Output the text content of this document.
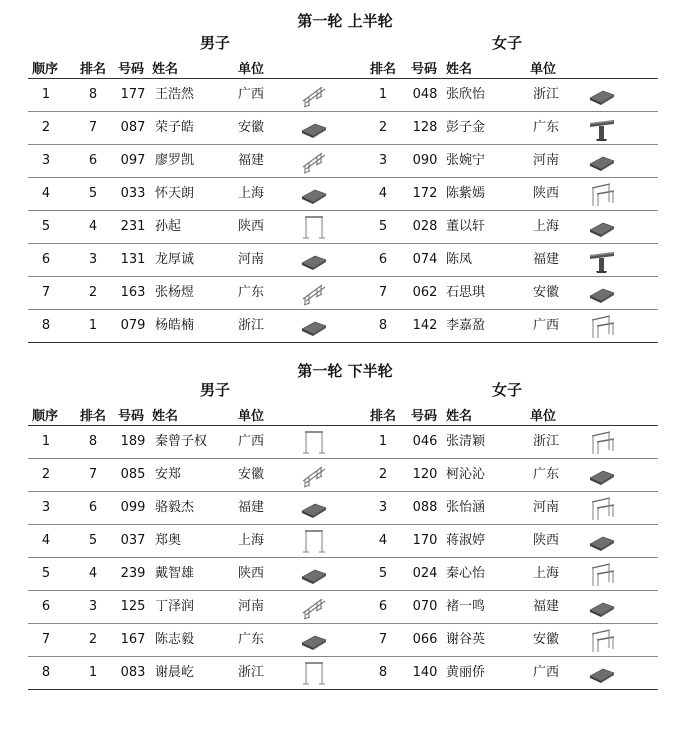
第一轮 上半轮
男子	女子
顺序 排名 号码 姓名	单位	排名 号码 姓名	单位
1	8	177 王浩然	广西	1	048 张欣怡	浙江
2	7	087 荣子皓	安徽	2	128 彭子金	广东
3	6	097 廖罗凯	福建	3	090 张婉宁	河南
4	5	033 怀天朗	上海	4	172 陈紫嫣	陕西
5	4	231 孙起	陕西	5	028 董以轩	上海
6	3	131 龙厚诚	河南	6	074 陈凤	福建
7	2	163 张杨煜	广东	7	062 石思琪	安徽
8	1	079 杨皓楠	浙江	8	142 李嘉盈	广西
第一轮 下半轮
男子	女子
顺序 排名 号码 姓名	单位	排名 号码 姓名	单位
1	8	189 秦曾子权	广西	1	046 张清颖	浙江
2	7	085 安郑	安徽	2	120 柯沁沁	广东
3	6	099 骆毅杰	福建	3	088 张怡涵	河南
4	5	037 郑奥	上海	4	170 蒋淑婷	陕西
5	4	239 戴智雄	陕西	5	024 秦心怡	上海
6	3	125 丁泽润	河南	6	070 褚一鸣	福建
7	2	167 陈志毅	广东	7	066 谢谷英	安徽
8	1	083 谢晨屹	浙江	8	140 黄丽侨	广西
